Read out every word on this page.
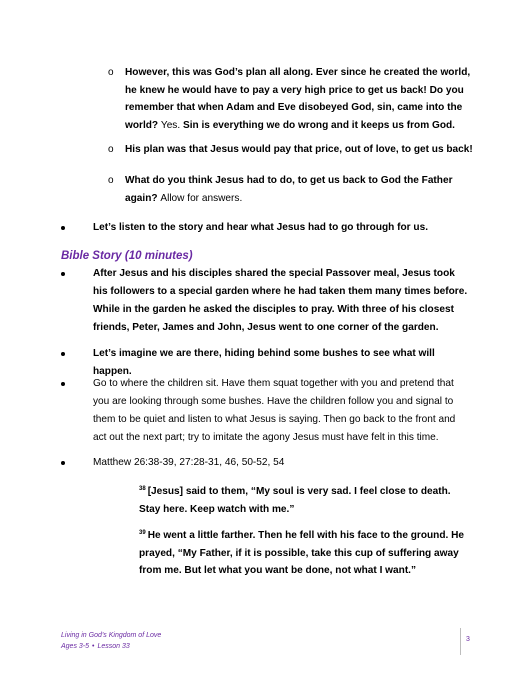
o	However, this was God’s plan all along. Ever since he created the world, he knew he would have to pay a very high price to get us back! Do you remember that when Adam and Eve disobeyed God, sin, came into the world? Yes. Sin is everything we do wrong and it keeps us from God.
o	His plan was that Jesus would pay that price, out of love, to get us back!
o	What do you think Jesus had to do, to get us back to God the Father again? Allow for answers.
Let’s listen to the story and hear what Jesus had to go through for us.
Bible Story (10 minutes)
After Jesus and his disciples shared the special Passover meal, Jesus took his followers to a special garden where he had taken them many times before. While in the garden he asked the disciples to pray. With three of his closest friends, Peter, James and John, Jesus went to one corner of the garden.
Let’s imagine we are there, hiding behind some bushes to see what will happen.
Go to where the children sit. Have them squat together with you and pretend that you are looking through some bushes. Have the children follow you and signal to them to be quiet and listen to what Jesus is saying. Then go back to the front and act out the next part; try to imitate the agony Jesus must have felt in this time.
Matthew 26:38-39, 27:28-31, 46, 50-52, 54
$^{38}$ [Jesus] said to them, “My soul is very sad. I feel close to death. Stay here. Keep watch with me.”
$^{39}$ He went a little farther. Then he fell with his face to the ground. He prayed, “My Father, if it is possible, take this cup of suffering away from me. But let what you want be done, not what I want.”
Living in God’s Kingdom of Love
Ages 3-5 • Lesson 33
3
